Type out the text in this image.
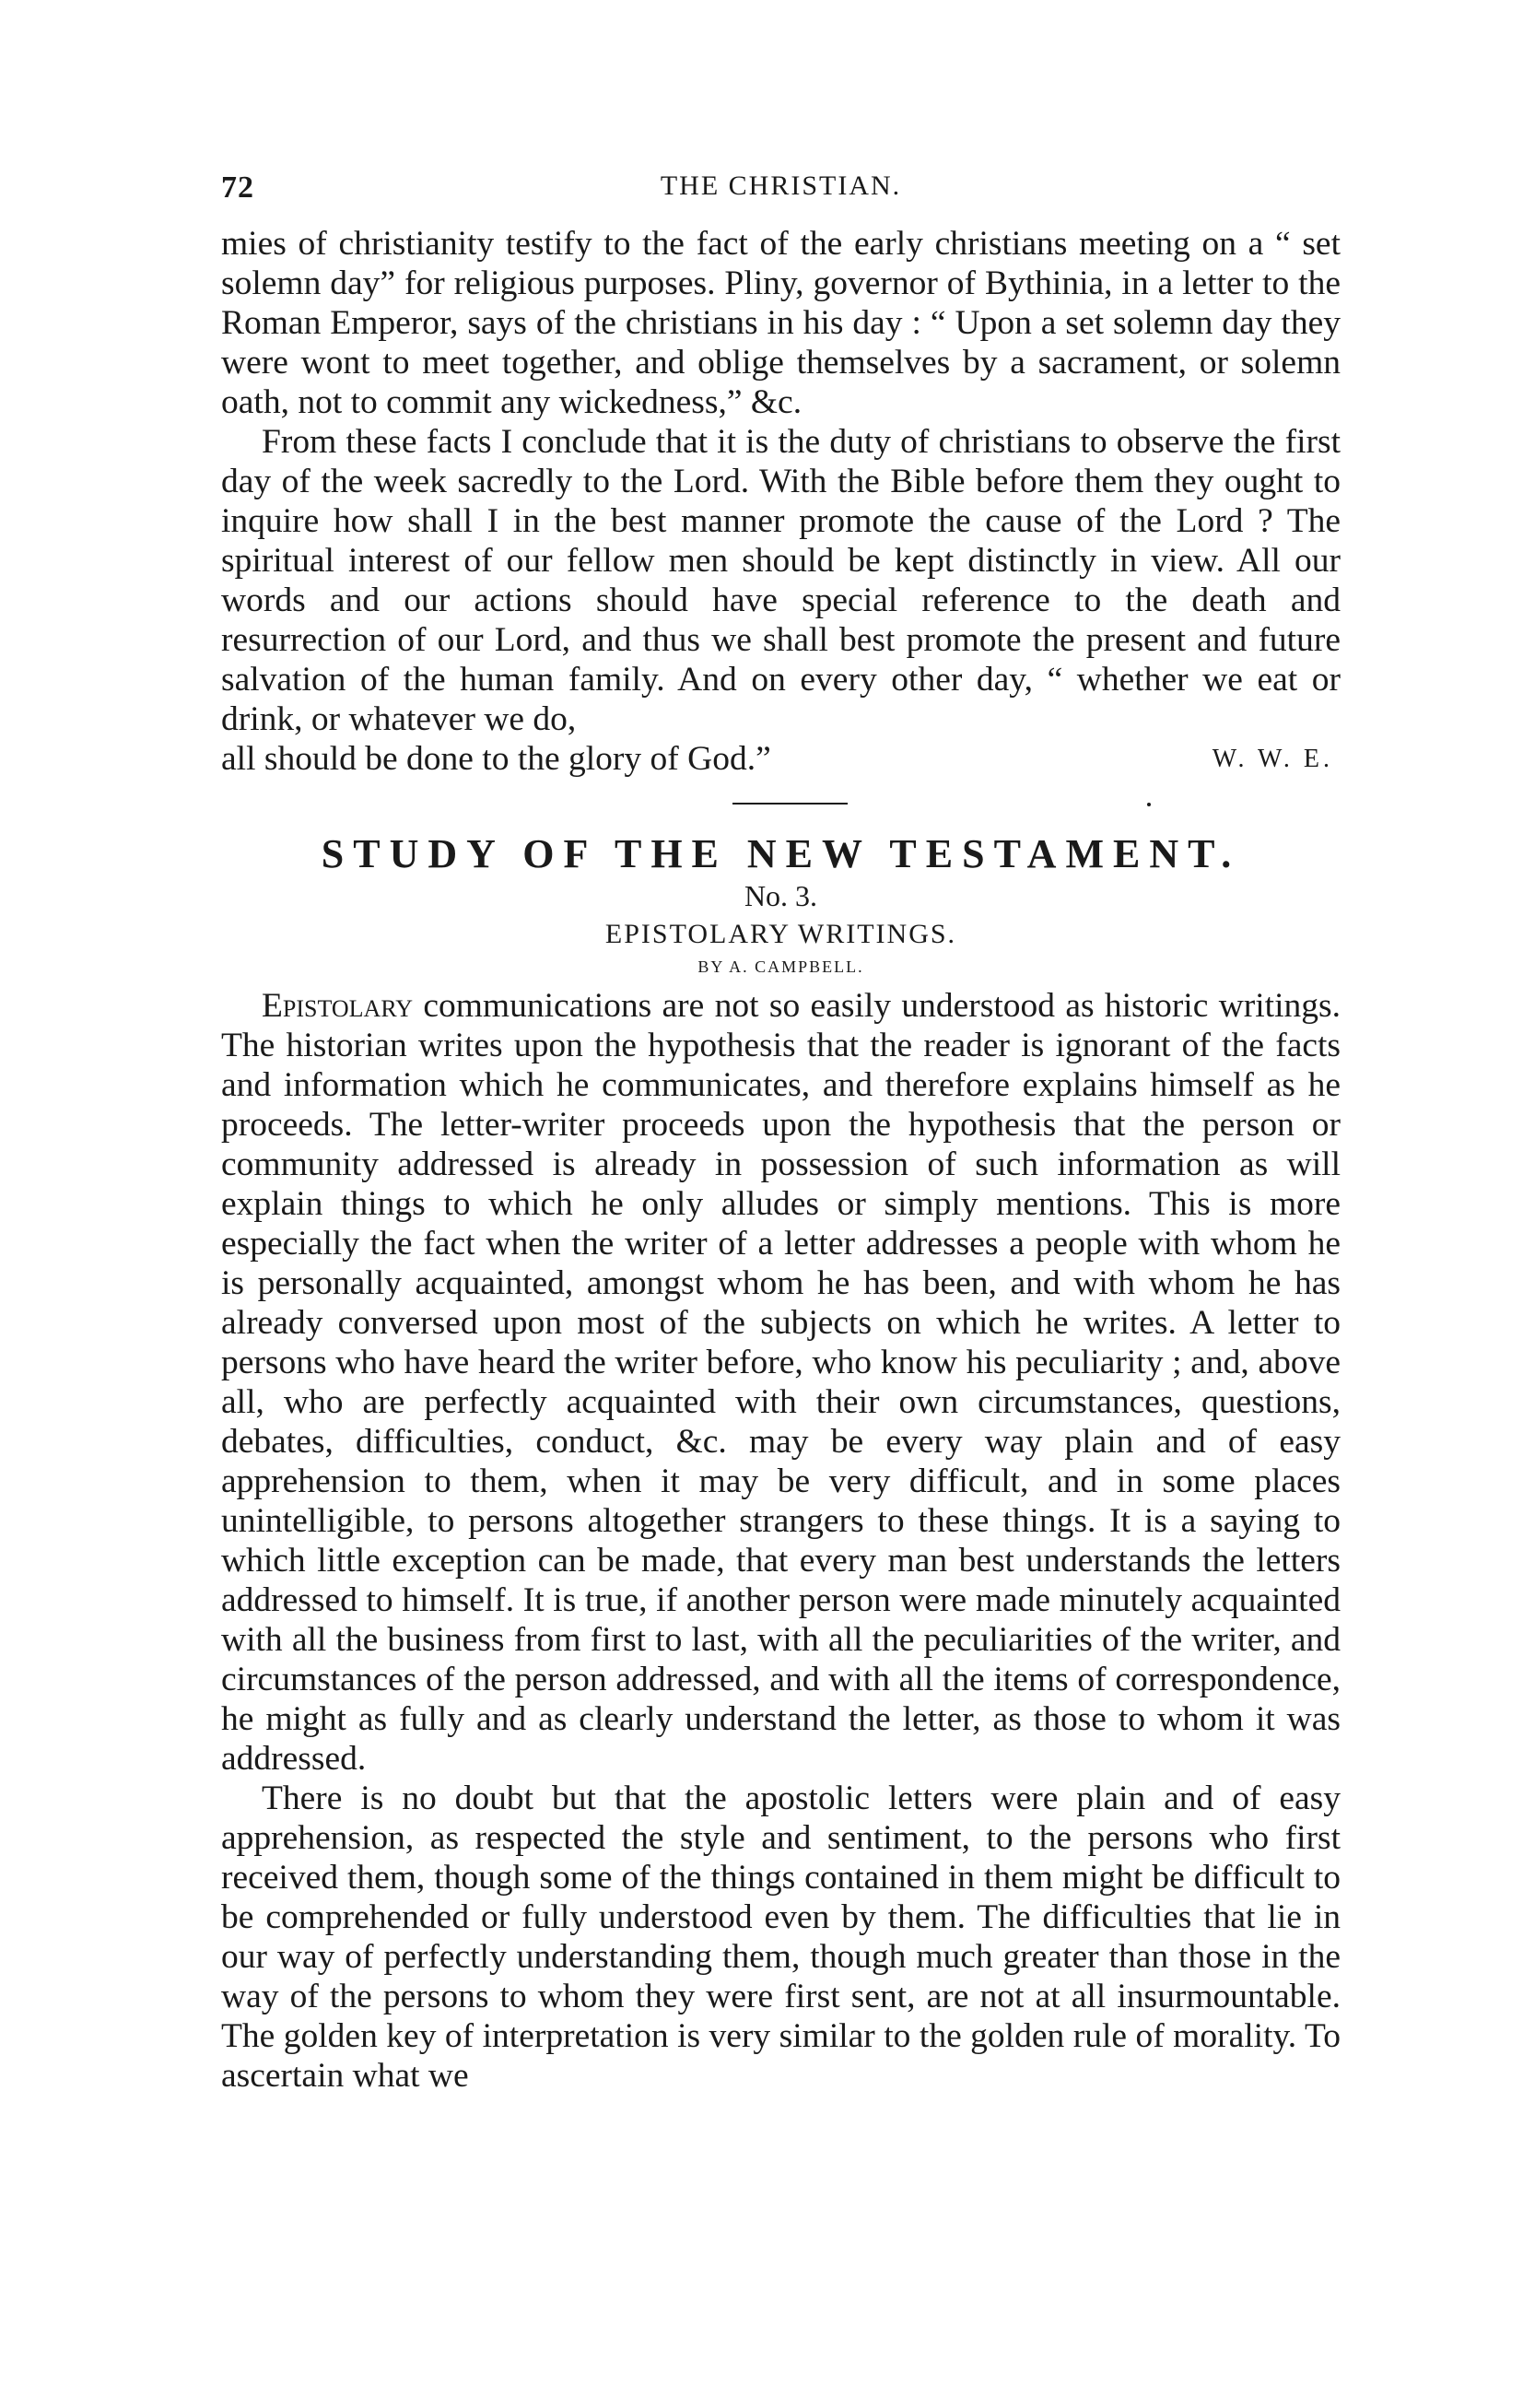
72	THE CHRISTIAN.

mies of christianity testify to the fact of the early christians meeting on a “ set solemn day” for religious purposes. Pliny, governor of Bythinia, in a letter to the Roman Emperor, says of the christians in his day : “ Upon a set solemn day they were wont to meet together, and oblige themselves by a sacrament, or solemn oath, not to commit any wickedness,” &c.

From these facts I conclude that it is the duty of christians to observe the first day of the week sacredly to the Lord. With the Bible before them they ought to inquire how shall I in the best manner promote the cause of the Lord ? The spiritual interest of our fellow men should be kept distinctly in view. All our words and our actions should have special reference to the death and resurrection of our Lord, and thus we shall best promote the present and future salvation of the human family. And on every other day, “ whether we eat or drink, or whatever we do,

all should be done to the glory of God.”	W. W. E.
STUDY OF THE NEW TESTAMENT.
No. 3.
EPISTOLARY WRITINGS.
BY A. CAMPBELL.

Epistolary communications are not so easily understood as historic writings. The historian writes upon the hypothesis that the reader is ignorant of the facts and information which he communicates, and therefore explains himself as he proceeds. The letter-writer proceeds upon the hypothesis that the person or community addressed is already in possession of such information as will explain things to which he only alludes or simply mentions. This is more especially the fact when the writer of a letter addresses a people with whom he is personally acquainted, amongst whom he has been, and with whom he has already conversed upon most of the subjects on which he writes. A letter to persons who have heard the writer before, who know his peculiarity ; and, above all, who are perfectly acquainted with their own circumstances, questions, debates, difficulties, conduct, &c. may be every way plain and of easy apprehension to them, when it may be very difficult, and in some places unintelligible, to persons altogether strangers to these things. It is a saying to which little exception can be made, that every man best understands the letters addressed to himself. It is true, if another person were made minutely acquainted with all the business from first to last, with all the peculiarities of the writer, and circumstances of the person addressed, and with all the items of correspondence, he might as fully and as clearly understand the letter, as those to whom it was addressed.

There is no doubt but that the apostolic letters were plain and of easy apprehension, as respected the style and sentiment, to the persons who first received them, though some of the things contained in them might be difficult to be comprehended or fully understood even by them. The difficulties that lie in our way of perfectly understanding them, though much greater than those in the way of the persons to whom they were first sent, are not at all insurmountable. The golden key of interpretation is very similar to the golden rule of morality. To ascertain what we
